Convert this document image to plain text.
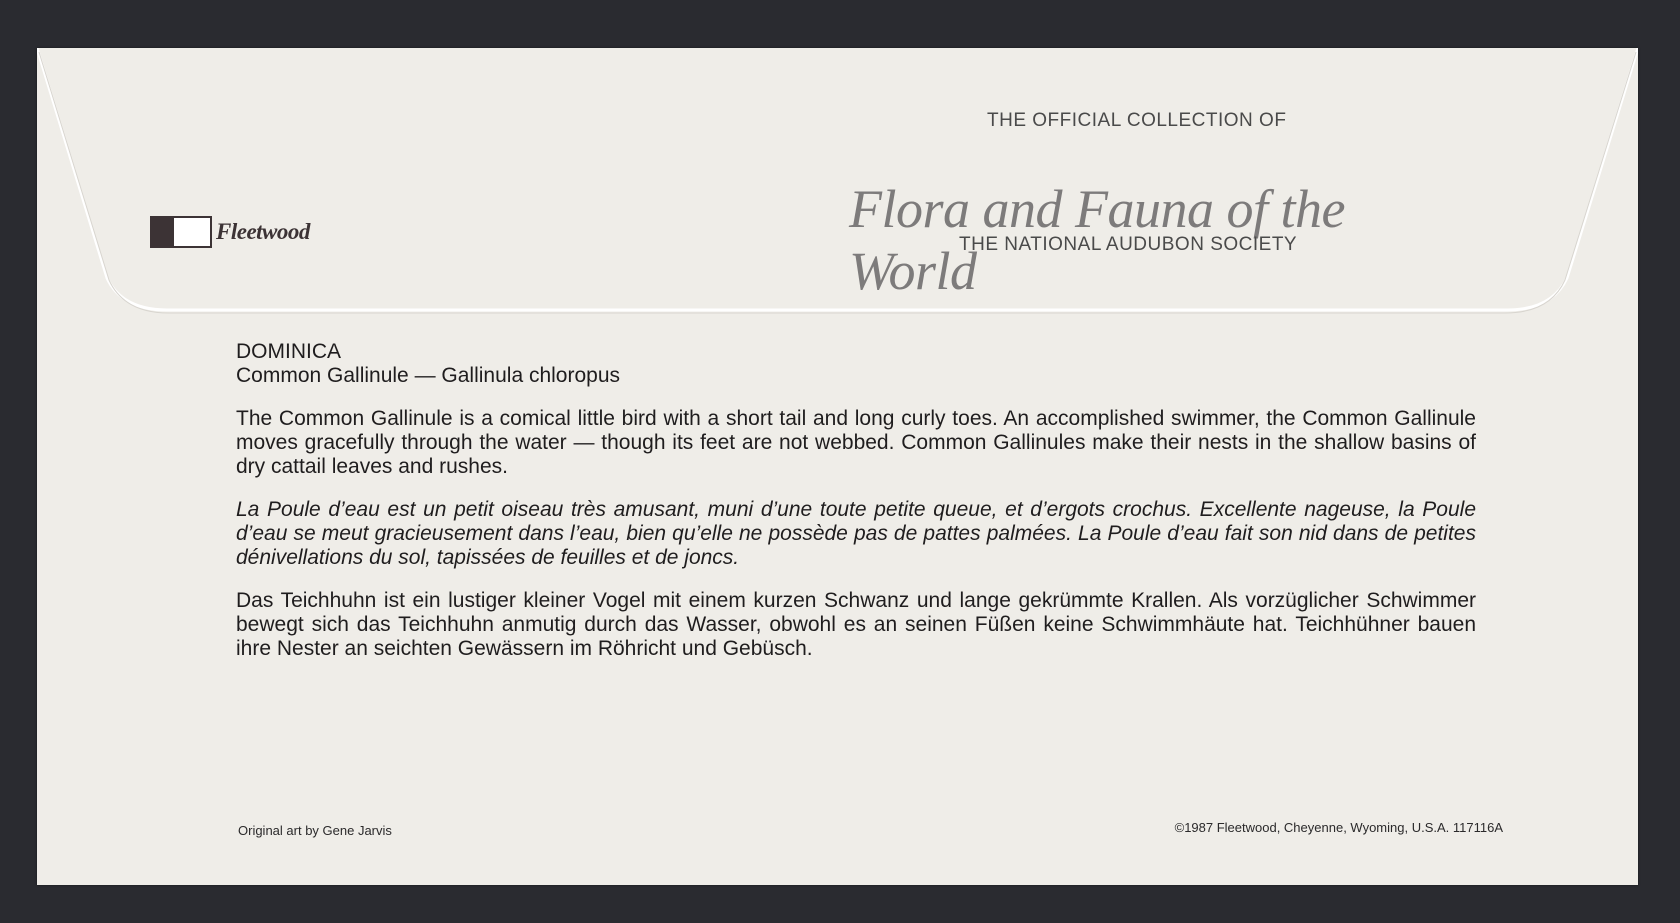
Fleetwood
THE OFFICIAL COLLECTION OF
Flora and Fauna of the World
THE NATIONAL AUDUBON SOCIETY
DOMINICA
Common Gallinule — Gallinula chloropus
The Common Gallinule is a comical little bird with a short tail and long curly toes. An accomplished swimmer, the Common Gallinule moves gracefully through the water — though its feet are not webbed. Common Gallinules make their nests in the shallow basins of dry cattail leaves and rushes.
La Poule d’eau est un petit oiseau très amusant, muni d’une toute petite queue, et d’ergots crochus. Excellente nageuse, la Poule d’eau se meut gracieusement dans l’eau, bien qu’elle ne possède pas de pattes palmées. La Poule d’eau fait son nid dans de petites dénivellations du sol, tapissées de feuilles et de joncs.
Das Teichhuhn ist ein lustiger kleiner Vogel mit einem kurzen Schwanz und lange gekrümmte Krallen. Als vorzüglicher Schwimmer bewegt sich das Teichhuhn anmutig durch das Wasser, obwohl es an seinen Füßen keine Schwimmhäute hat. Teichhühner bauen ihre Nester an seichten Gewässern im Röhricht und Gebüsch.
Original art by Gene Jarvis	©1987 Fleetwood, Cheyenne, Wyoming, U.S.A. 117116A
